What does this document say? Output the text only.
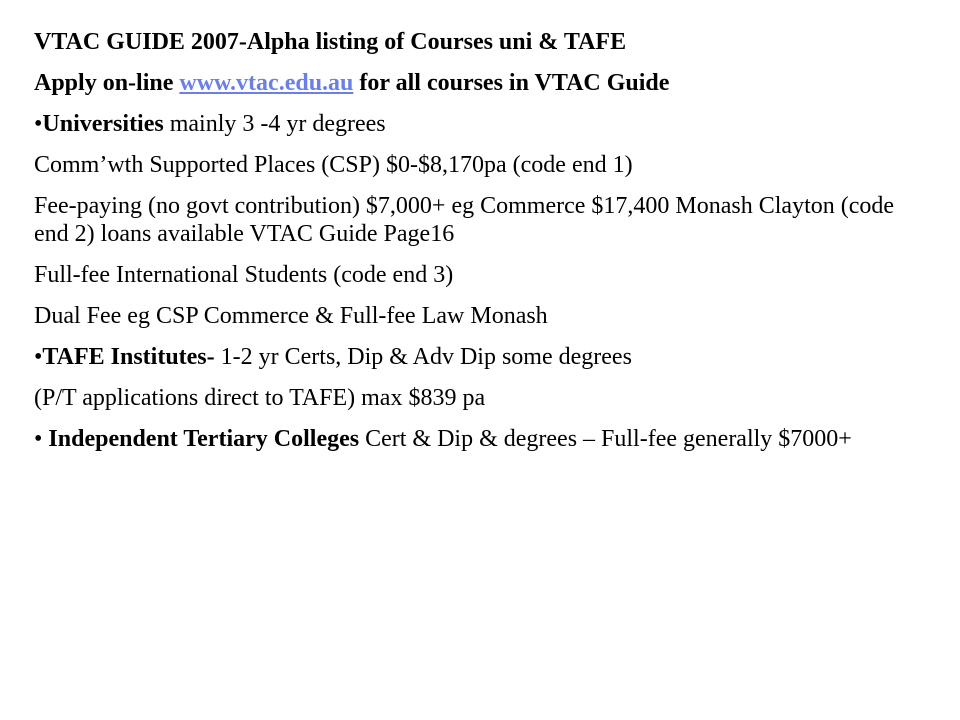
VTAC GUIDE 2007-Alpha listing of Courses uni & TAFE

Apply on-line www.vtac.edu.au for all courses in VTAC Guide

•Universities mainly 3 -4 yr degrees

Comm’wth Supported Places (CSP) $0-$8,170pa (code end 1)

Fee-paying (no govt contribution) $7,000+ eg Commerce $17,400 Monash Clayton (code end 2) loans available VTAC Guide Page16

Full-fee International Students (code end 3)

Dual Fee eg CSP Commerce & Full-fee Law Monash

•TAFE Institutes- 1-2 yr Certs, Dip & Adv Dip some degrees

(P/T applications direct to TAFE) max $839 pa

• Independent Tertiary Colleges Cert & Dip & degrees – Full-fee generally $7000+
